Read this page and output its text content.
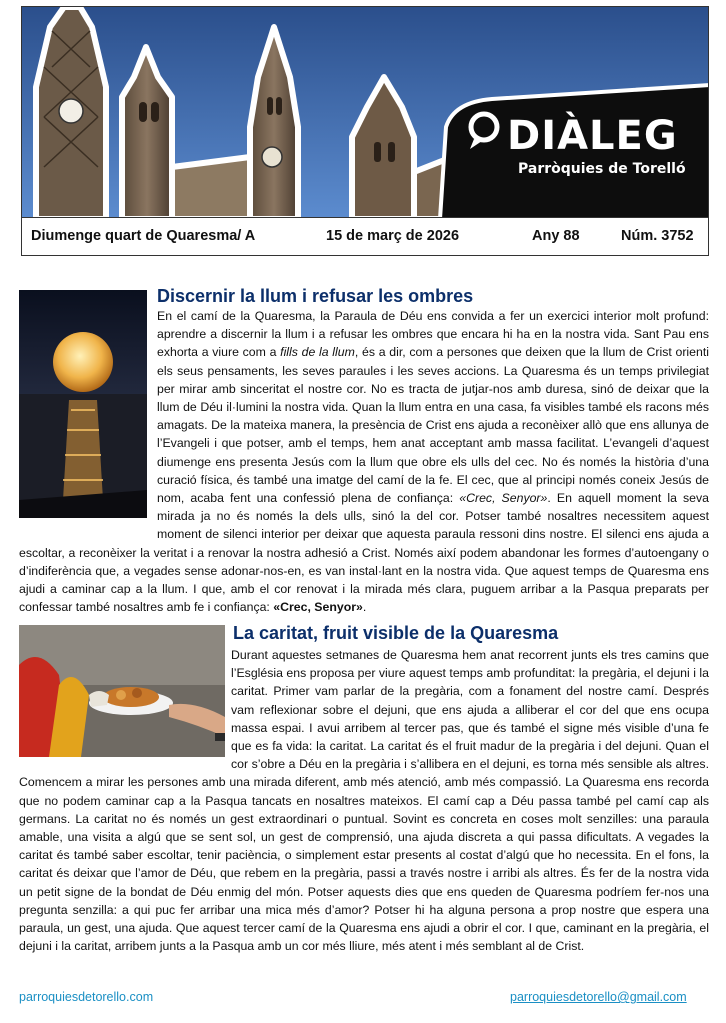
DIÀLEG
Parròquies de Torelló
Diumenge quart de Quaresma/ A	15 de març de 2026	Any 88	Núm. 3752
Discernir la llum i refusar les ombres

En el camí de la Quaresma, la Paraula de Déu ens convida a fer un exercici interior molt profund: aprendre a discernir la llum i a refusar les ombres que encara hi ha en la nostra vida. Sant Pau ens exhorta a viure com a fills de la llum, és a dir, com a persones que deixen que la llum de Crist orienti els seus pensaments, les seves paraules i les seves accions. La Quaresma és un temps privilegiat per mirar amb sinceritat el nostre cor. No es tracta de jutjar-nos amb duresa, sinó de deixar que la llum de Déu il·lumini la nostra vida. Quan la llum entra en una casa, fa visibles també els racons més amagats. De la mateixa manera, la presència de Crist ens ajuda a reconèixer allò que ens allunya de l’Evangeli i que potser, amb el temps, hem anat acceptant amb massa facilitat. L’evangeli d’aquest diumenge ens presenta Jesús com la llum que obre els ulls del cec. No és només la història d’una curació física, és també una imatge del camí de la fe. El cec, que al principi només coneix Jesús de nom, acaba fent una confessió plena de confiança: «Crec, Senyor». En aquell moment la seva mirada ja no és només la dels ulls, sinó la del cor. Potser també nosaltres necessitem aquest moment de silenci interior per deixar que aquesta paraula ressoni dins nostre. El silenci ens ajuda a escoltar, a reconèixer la veritat i a renovar la nostra adhesió a Crist. Només així podem abandonar les formes d’autoengany o d’indiferència que, a vegades sense adonar-nos-en, es van instal·lant en la nostra vida. Que aquest temps de Quaresma ens ajudi a caminar cap a la llum. I que, amb el cor renovat i la mirada més clara, puguem arribar a la Pasqua preparats per confessar també nosaltres amb fe i confiança: «Crec, Senyor».

La caritat, fruit visible de la Quaresma

Durant aquestes setmanes de Quaresma hem anat recorrent junts els tres camins que l’Església ens proposa per viure aquest temps amb profunditat: la pregària, el dejuni i la caritat. Primer vam parlar de la pregària, com a fonament del nostre camí. Després vam reflexionar sobre el dejuni, que ens ajuda a alliberar el cor del que ens ocupa massa espai. I avui arribem al tercer pas, que és també el signe més visible d’una fe que es fa vida: la caritat. La caritat és el fruit madur de la pregària i del dejuni. Quan el cor s’obre a Déu en la pregària i s’allibera en el dejuni, es torna més sensible als altres. Comencem a mirar les persones amb una mirada diferent, amb més atenció, amb més compassió. La Quaresma ens recorda que no podem caminar cap a la Pasqua tancats en nosaltres mateixos. El camí cap a Déu passa també pel camí cap als germans. La caritat no és només un gest extraordinari o puntual. Sovint es concreta en coses molt senzilles: una paraula amable, una visita a algú que se sent sol, un gest de comprensió, una ajuda discreta a qui passa dificultats. A vegades la caritat és també saber escoltar, tenir paciència, o simplement estar presents al costat d’algú que ho necessita. En el fons, la caritat és deixar que l’amor de Déu, que rebem en la pregària, passi a través nostre i arribi als altres. És fer de la nostra vida un petit signe de la bondat de Déu enmig del món. Potser aquests dies que ens queden de Quaresma podríem fer-nos una pregunta senzilla: a qui puc fer arribar una mica més d’amor? Potser hi ha alguna persona a prop nostre que espera una paraula, un gest, una ajuda. Que aquest tercer camí de la Quaresma ens ajudi a obrir el cor. I que, caminant en la pregària, el dejuni i la caritat, arribem junts a la Pasqua amb un cor més lliure, més atent i més semblant al de Crist.

parroquiesdetorello.com	parroquiesdetorello@gmail.com
